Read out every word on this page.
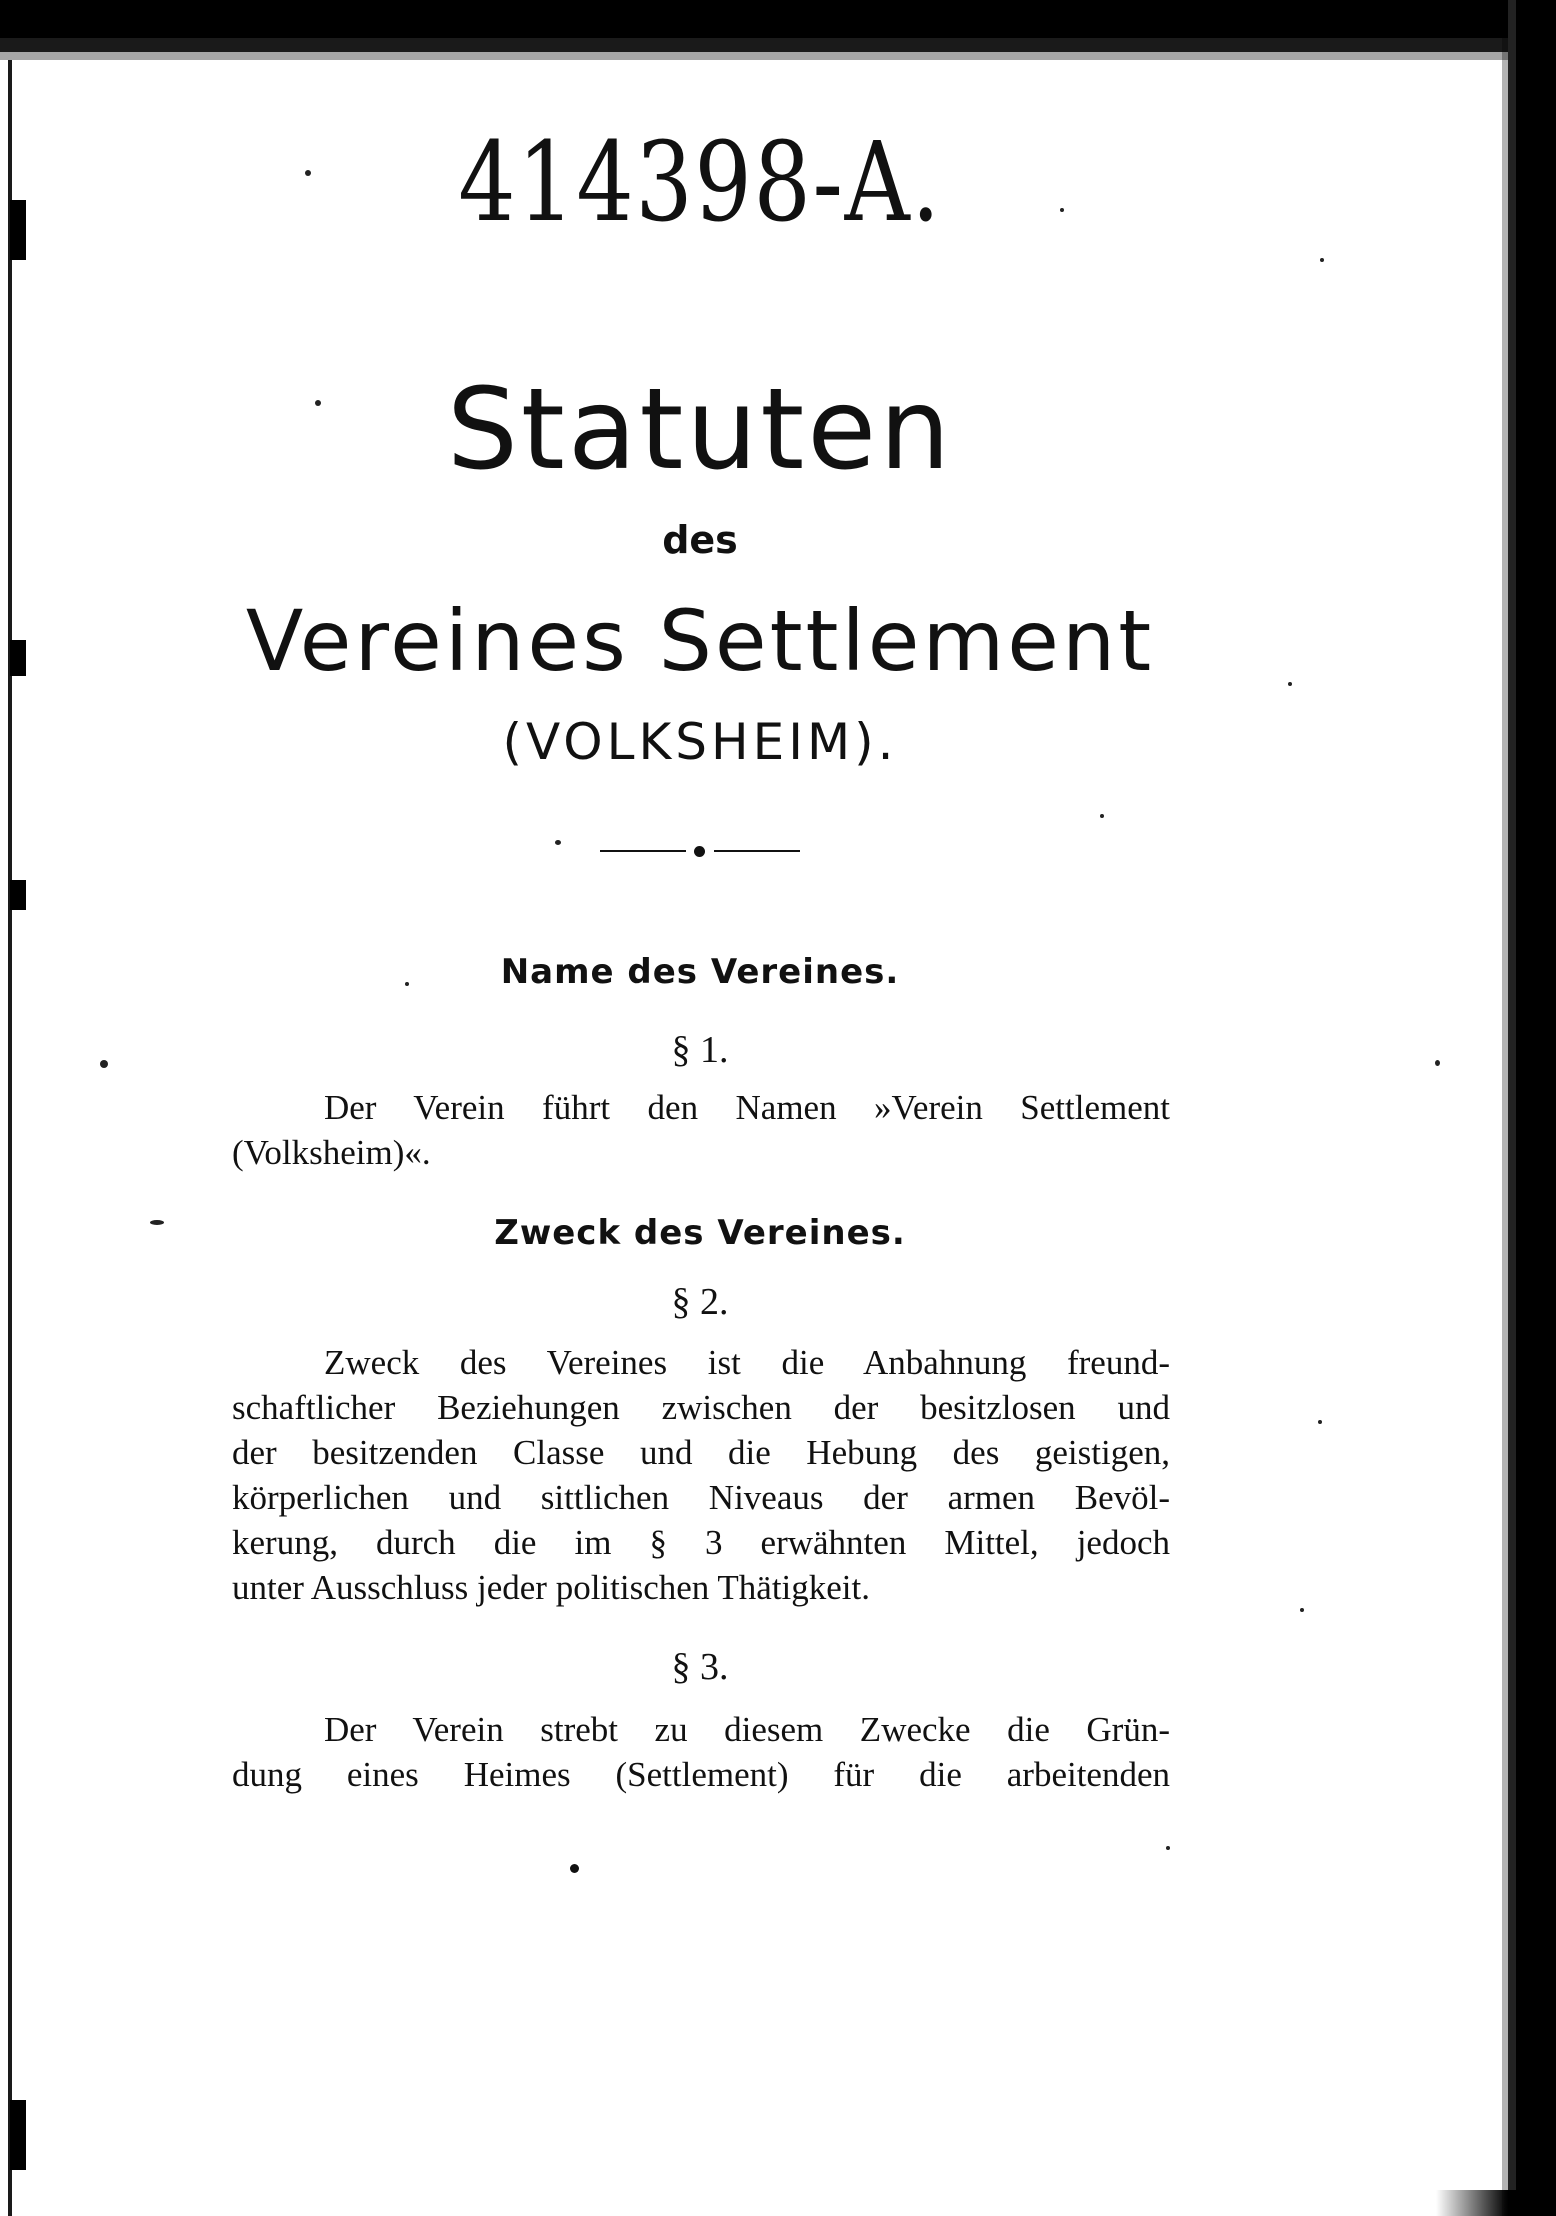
414398-A.
Statuten
des
Vereines Settlement
(VOLKSHEIM).
Name des Vereines.
§ 1.
Der Verein führt den Namen »Verein Settlement
(Volksheim)«.
Zweck des Vereines.
§ 2.
Zweck des Vereines ist die Anbahnung freund-
schaftlicher Beziehungen zwischen der besitzlosen und
der besitzenden Classe und die Hebung des geistigen,
körperlichen und sittlichen Niveaus der armen Bevöl-
kerung, durch die im § 3 erwähnten Mittel, jedoch
unter Ausschluss jeder politischen Thätigkeit.
§ 3.
Der Verein strebt zu diesem Zwecke die Grün-
dung eines Heimes (Settlement) für die arbeitenden
